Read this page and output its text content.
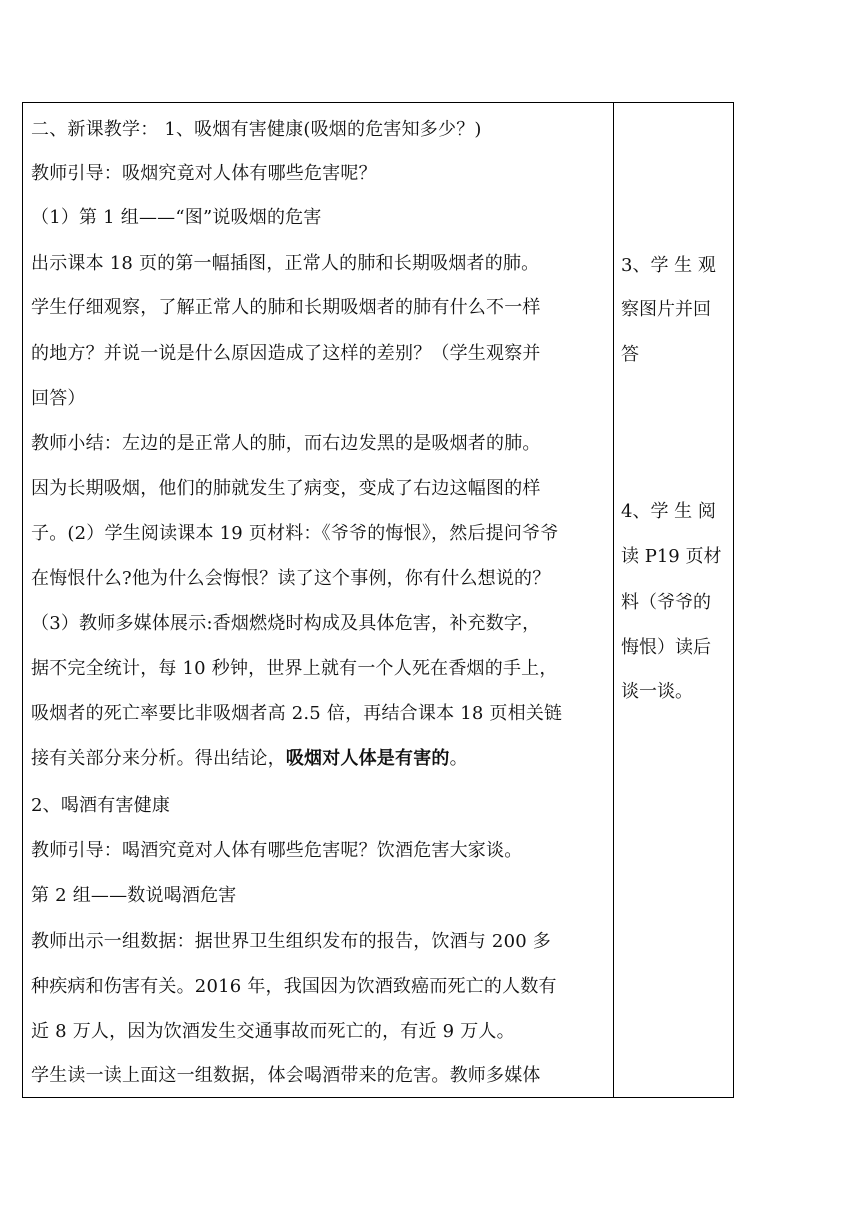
二、新课教学： 1、吸烟有害健康(吸烟的危害知多少？)
教师引导：吸烟究竟对人体有哪些危害呢？
（1）第 1 组——“图”说吸烟的危害
出示课本 18 页的第一幅插图，正常人的肺和长期吸烟者的肺。
学生仔细观察，了解正常人的肺和长期吸烟者的肺有什么不一样
的地方？并说一说是什么原因造成了这样的差别？（学生观察并
回答）
教师小结：左边的是正常人的肺，而右边发黑的是吸烟者的肺。
因为长期吸烟，他们的肺就发生了病变，变成了右边这幅图的样
子。(2）学生阅读课本 19 页材料：《爷爷的悔恨》，然后提问爷爷
在悔恨什么?他为什么会悔恨？读了这个事例，你有什么想说的？
（3）教师多媒体展示:香烟燃烧时构成及具体危害，补充数字，
据不完全统计，每 10 秒钟，世界上就有一个人死在香烟的手上，
吸烟者的死亡率要比非吸烟者高 2.5 倍，再结合课本 18 页相关链
接有关部分来分析。得出结论，吸烟对人体是有害的。
2、喝酒有害健康
教师引导：喝酒究竟对人体有哪些危害呢？饮酒危害大家谈。
第 2 组——数说喝酒危害
教师出示一组数据：据世界卫生组织发布的报告，饮酒与 200 多
种疾病和伤害有关。2016 年，我国因为饮酒致癌而死亡的人数有
近 8 万人，因为饮酒发生交通事故而死亡的，有近 9 万人。
学生读一读上面这一组数据，体会喝酒带来的危害。教师多媒体
3、学 生 观
察图片并回
答
4、学 生 阅
读 P19 页材
料（爷爷的
悔恨）读后
谈一谈。
